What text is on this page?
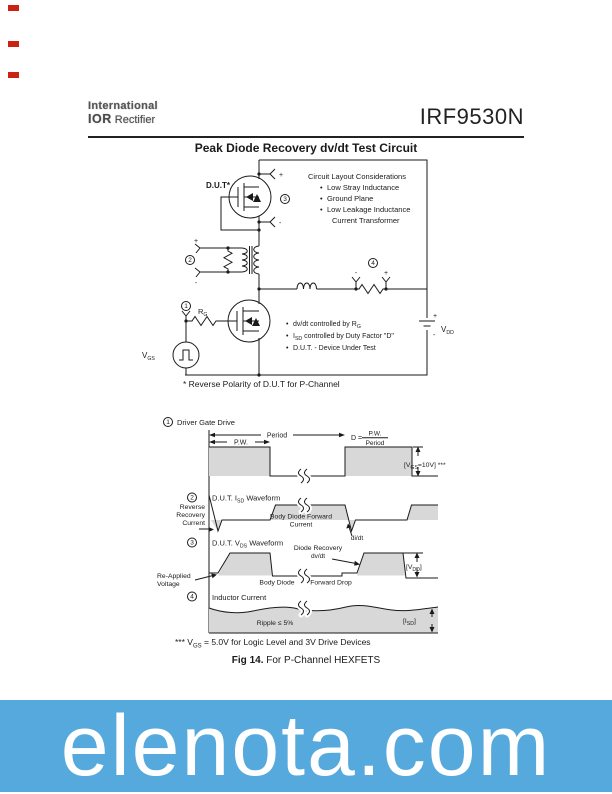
International
IOR Rectifier	IRF9530N
Peak Diode Recovery dv/dt Test Circuit
D.U.T*
+
-
3
Circuit Layout Considerations
• Low Stray Inductance
• Ground Plane
• Low Leakage Inductance
Current Transformer
+
-
2
-	+
4
$R_G$
$V_{GS}$
1
+
-
$V_{DD}$
• dv/dt controlled by $R_G$
• $I_{SD}$ controlled by Duty Factor "D"
• D.U.T. - Device Under Test
* Reverse Polarity of D.U.T for P-Channel
1 Driver Gate Drive
Period
P.W.
D =
P.W.
Period
$[V_{GS}=10V]$ ***
2 D.U.T. $I_{SD}$ Waveform
Reverse
Recovery
Current
Body Diode Forward
Current
di/dt
3 D.U.T. $V_{DS}$ Waveform
Diode Recovery
dv/dt
Re-Applied
Voltage	Body Diode Forward Drop
$[V_{DD}]$
4 Inductor Current
Ripple ≤ 5%	$[I_{SD}]$
*** $V_{GS} = 5.0V$ for Logic Level and 3V Drive Devices
Fig 14. For P-Channel HEXFETS
elenota.com
